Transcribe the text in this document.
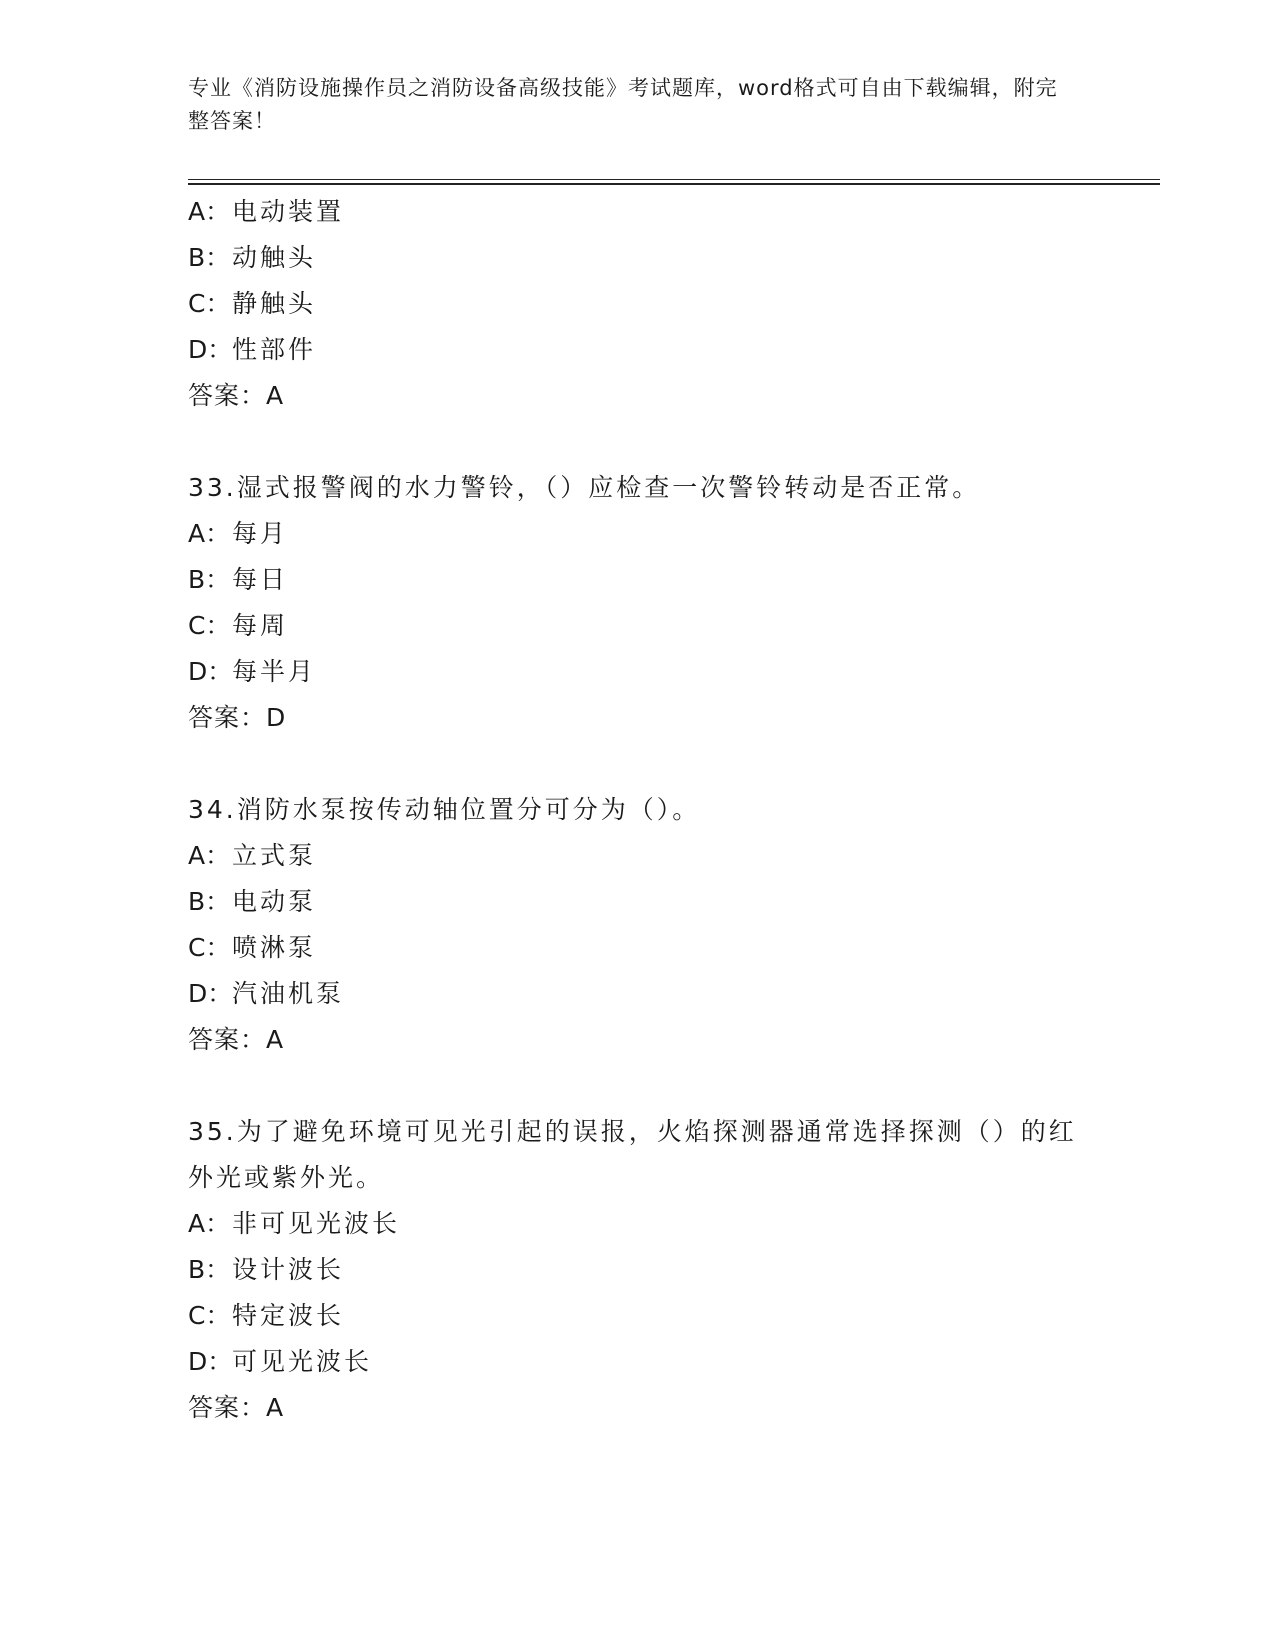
专业《消防设施操作员之消防设备高级技能》考试题库，word格式可自由下载编辑，附完整答案！
A：电动装置
B：动触头
C：静触头
D：性部件
答案：A
33.湿式报警阀的水力警铃，（）应检查一次警铃转动是否正常。
A：每月
B：每日
C：每周
D：每半月
答案：D
34.消防水泵按传动轴位置分可分为（）。
A：立式泵
B：电动泵
C：喷淋泵
D：汽油机泵
答案：A
35.为了避免环境可见光引起的误报，火焰探测器通常选择探测（）的红外光或紫外光。
A：非可见光波长
B：设计波长
C：特定波长
D：可见光波长
答案：A
